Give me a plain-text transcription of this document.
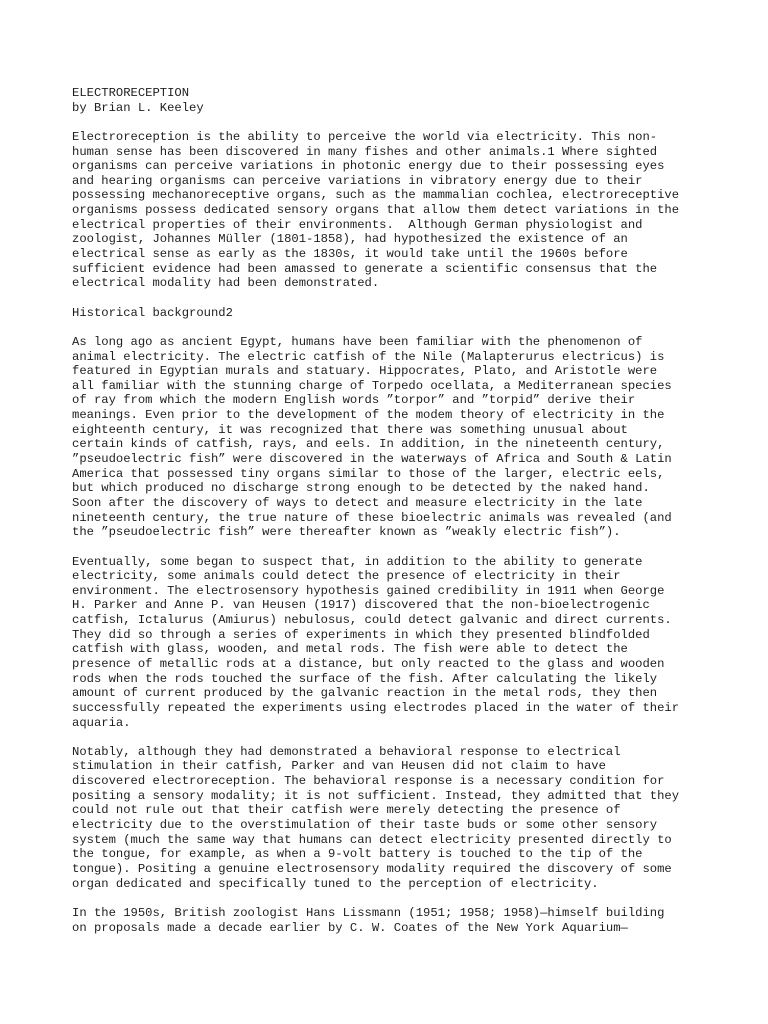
ELECTRORECEPTION
by Brian L. Keeley
Electroreception is the ability to perceive the world via electricity. This non-
human sense has been discovered in many fishes and other animals.1 Where sighted
organisms can perceive variations in photonic energy due to their possessing eyes
and hearing organisms can perceive variations in vibratory energy due to their
possessing mechanoreceptive organs, such as the mammalian cochlea, electroreceptive
organisms possess dedicated sensory organs that allow them detect variations in the
electrical properties of their environments.  Although German physiologist and
zoologist, Johannes Müller (1801-1858), had hypothesized the existence of an
electrical sense as early as the 1830s, it would take until the 1960s before
sufficient evidence had been amassed to generate a scientific consensus that the
electrical modality had been demonstrated.
Historical background2
As long ago as ancient Egypt, humans have been familiar with the phenomenon of
animal electricity. The electric catfish of the Nile (Malapterurus electricus) is
featured in Egyptian murals and statuary. Hippocrates, Plato, and Aristotle were
all familiar with the stunning charge of Torpedo ocellata, a Mediterranean species
of ray from which the modern English words ”torpor” and ”torpid” derive their
meanings. Even prior to the development of the modem theory of electricity in the
eighteenth century, it was recognized that there was something unusual about
certain kinds of catfish, rays, and eels. In addition, in the nineteenth century,
”pseudoelectric fish” were discovered in the waterways of Africa and South & Latin
America that possessed tiny organs similar to those of the larger, electric eels,
but which produced no discharge strong enough to be detected by the naked hand.
Soon after the discovery of ways to detect and measure electricity in the late
nineteenth century, the true nature of these bioelectric animals was revealed (and
the ”pseudoelectric fish” were thereafter known as ”weakly electric fish”).
Eventually, some began to suspect that, in addition to the ability to generate
electricity, some animals could detect the presence of electricity in their
environment. The electrosensory hypothesis gained credibility in 1911 when George
H. Parker and Anne P. van Heusen (1917) discovered that the non-bioelectrogenic
catfish, Ictalurus (Amiurus) nebulosus, could detect galvanic and direct currents.
They did so through a series of experiments in which they presented blindfolded
catfish with glass, wooden, and metal rods. The fish were able to detect the
presence of metallic rods at a distance, but only reacted to the glass and wooden
rods when the rods touched the surface of the fish. After calculating the likely
amount of current produced by the galvanic reaction in the metal rods, they then
successfully repeated the experiments using electrodes placed in the water of their
aquaria.
Notably, although they had demonstrated a behavioral response to electrical
stimulation in their catfish, Parker and van Heusen did not claim to have
discovered electroreception. The behavioral response is a necessary condition for
positing a sensory modality; it is not sufficient. Instead, they admitted that they
could not rule out that their catfish were merely detecting the presence of
electricity due to the overstimulation of their taste buds or some other sensory
system (much the same way that humans can detect electricity presented directly to
the tongue, for example, as when a 9-volt battery is touched to the tip of the
tongue). Positing a genuine electrosensory modality required the discovery of some
organ dedicated and specifically tuned to the perception of electricity.
In the 1950s, British zoologist Hans Lissmann (1951; 1958; 1958)—himself building
on proposals made a decade earlier by C. W. Coates of the New York Aquarium—
